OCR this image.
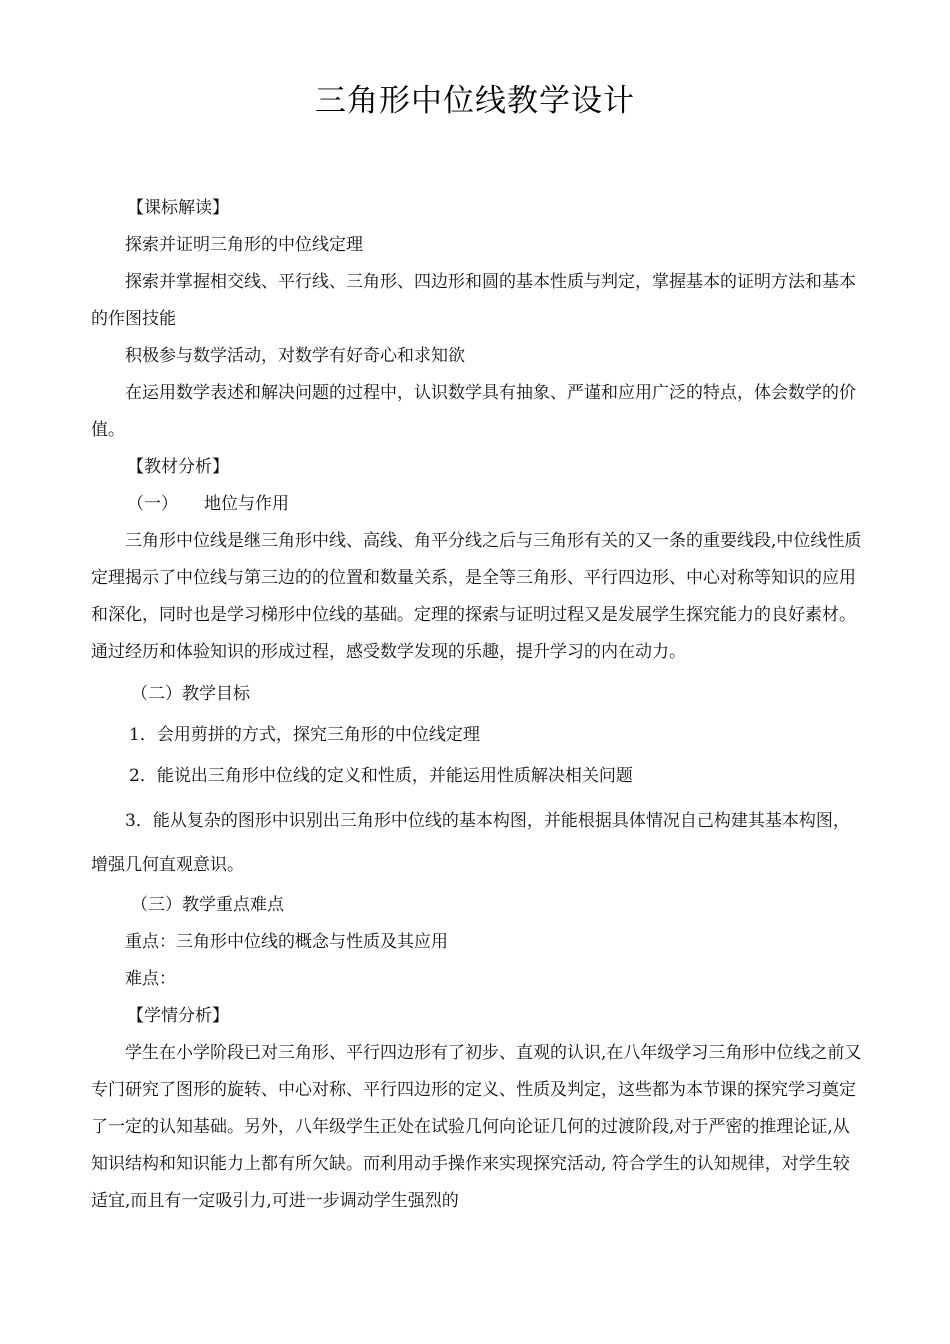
三角形中位线教学设计

【课标解读】

探索并证明三角形的中位线定理

探索并掌握相交线、平行线、三角形、四边形和圆的基本性质与判定，掌握基本的证明方法和基本的作图技能

积极参与数学活动，对数学有好奇心和求知欲

在运用数学表述和解决问题的过程中，认识数学具有抽象、严谨和应用广泛的特点，体会数学的价值。

【教材分析】

（一） 地位与作用

三角形中位线是继三角形中线、高线、角平分线之后与三角形有关的又一条的重要线段,中位线性质定理揭示了中位线与第三边的的位置和数量关系，是全等三角形、平行四边形、中心对称等知识的应用和深化，同时也是学习梯形中位线的基础。定理的探索与证明过程又是发展学生探究能力的良好素材。通过经历和体验知识的形成过程，感受数学发现的乐趣，提升学习的内在动力。

（二）教学目标

1．会用剪拼的方式，探究三角形的中位线定理

2．能说出三角形中位线的定义和性质，并能运用性质解决相关问题

3．能从复杂的图形中识别出三角形中位线的基本构图，并能根据具体情况自己构建其基本构图，增强几何直观意识。

（三）教学重点难点

重点：三角形中位线的概念与性质及其应用

难点：

【学情分析】

学生在小学阶段已对三角形、平行四边形有了初步、直观的认识,在八年级学习三角形中位线之前又专门研究了图形的旋转、中心对称、平行四边形的定义、性质及判定，这些都为本节课的探究学习奠定了一定的认知基础。另外，八年级学生正处在试验几何向论证几何的过渡阶段,对于严密的推理论证,从知识结构和知识能力上都有所欠缺。而利用动手操作来实现探究活动, 符合学生的认知规律，对学生较适宜,而且有一定吸引力,可进一步调动学生强烈的
